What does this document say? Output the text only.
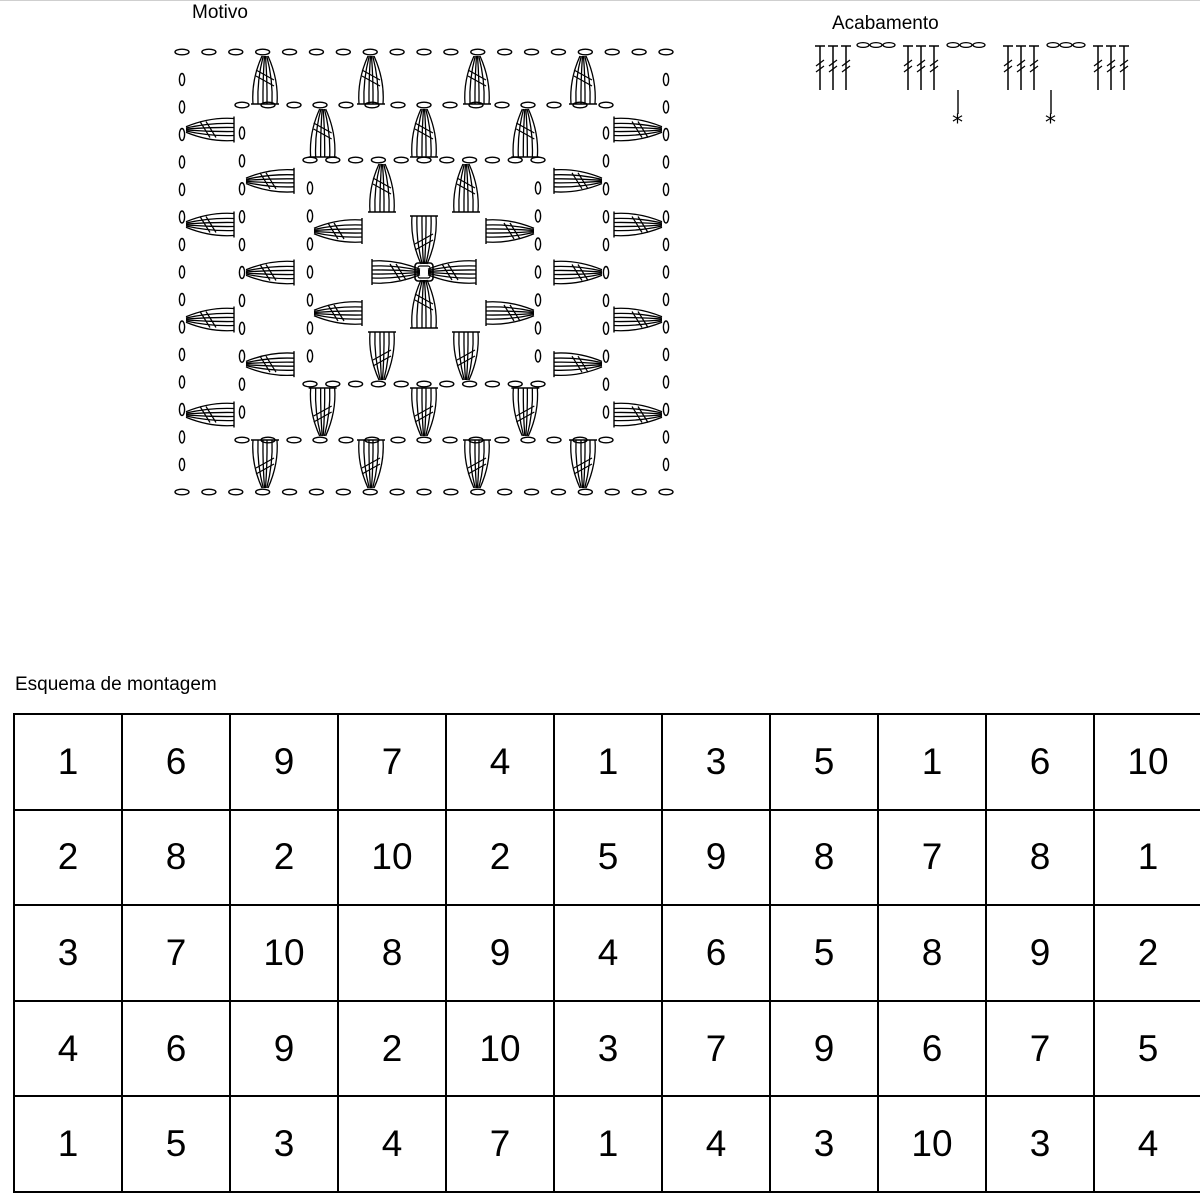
Motivo
Acabamento
*	*
Esquema de montagem
1	6	9	7	4	1	3	5	1	6	10
2	8	2	10	2	5	9	8	7	8	1
3	7	10	8	9	4	6	5	8	9	2
4	6	9	2	10	3	7	9	6	7	5
1	5	3	4	7	1	4	3	10	3	4
